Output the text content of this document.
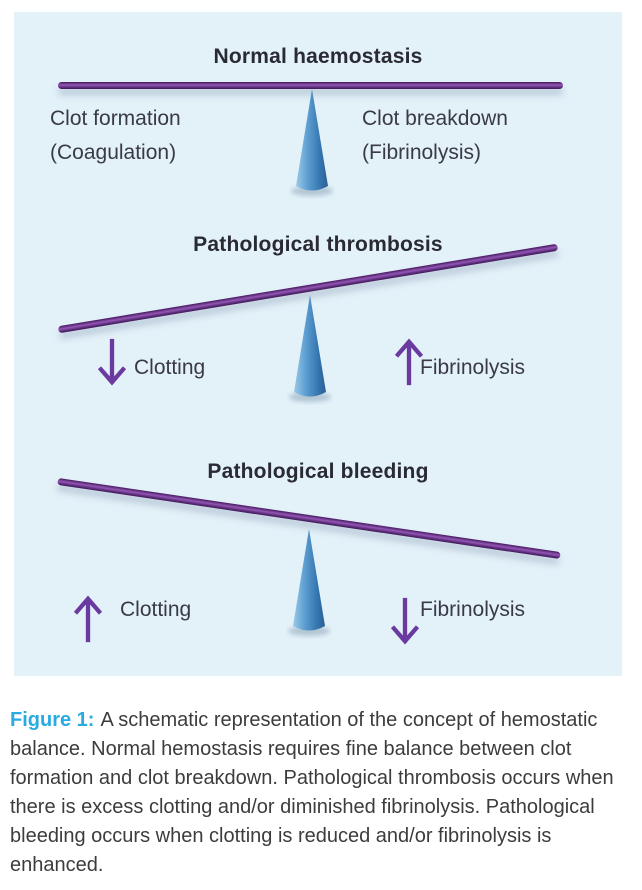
Normal haemostasis
Clot formation
(Coagulation)
Clot breakdown
(Fibrinolysis)
Pathological thrombosis
Clotting	Fibrinolysis
Pathological bleeding
Clotting	Fibrinolysis

Figure 1: A schematic representation of the concept of hemostatic balance. Normal hemostasis requires fine balance between clot formation and clot breakdown. Pathological thrombosis occurs when there is excess clotting and/or diminished fibrinolysis. Pathological bleeding occurs when clotting is reduced and/or fibrinolysis is enhanced.
